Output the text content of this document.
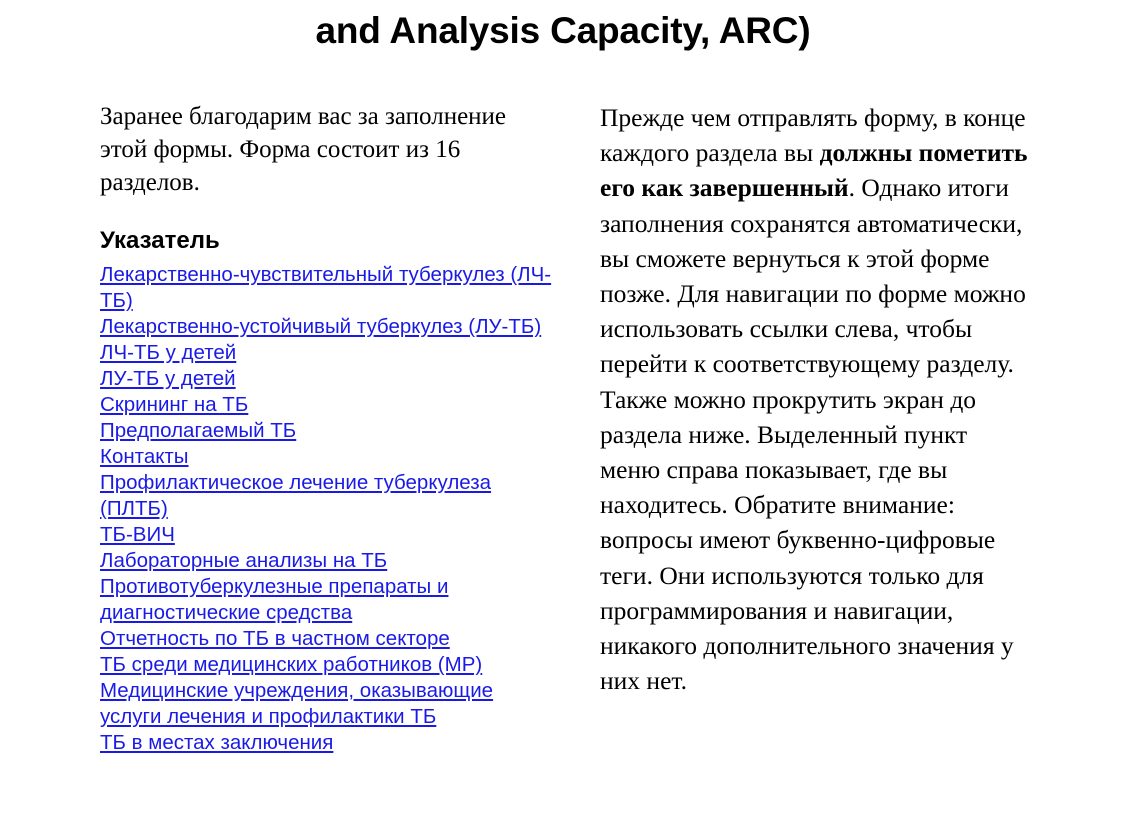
and Analysis Capacity, ARC)

Заранее благодарим вас за заполнение этой формы. Форма состоит из 16 разделов.

Указатель
Лекарственно-чувствительный туберкулез (ЛЧ-ТБ)
Лекарственно-устойчивый туберкулез (ЛУ-ТБ)
ЛЧ-ТБ у детей
ЛУ-ТБ у детей
Скрининг на ТБ
Предполагаемый ТБ
Контакты
Профилактическое лечение туберкулеза (ПЛТБ)
ТБ-ВИЧ
Лабораторные анализы на ТБ
Противотуберкулезные препараты и диагностические средства
Отчетность по ТБ в частном секторе
ТБ среди медицинских работников (МР)
Медицинские учреждения, оказывающие услуги лечения и профилактики ТБ
ТБ в местах заключения

Прежде чем отправлять форму, в конце каждого раздела вы должны пометить его как завершенный. Однако итоги заполнения сохранятся автоматически, вы сможете вернуться к этой форме позже. Для навигации по форме можно использовать ссылки слева, чтобы перейти к соответствующему разделу. Также можно прокрутить экран до раздела ниже. Выделенный пункт меню справа показывает, где вы находитесь. Обратите внимание: вопросы имеют буквенно-цифровые теги. Они используются только для программирования и навигации, никакого дополнительного значения у них нет.
